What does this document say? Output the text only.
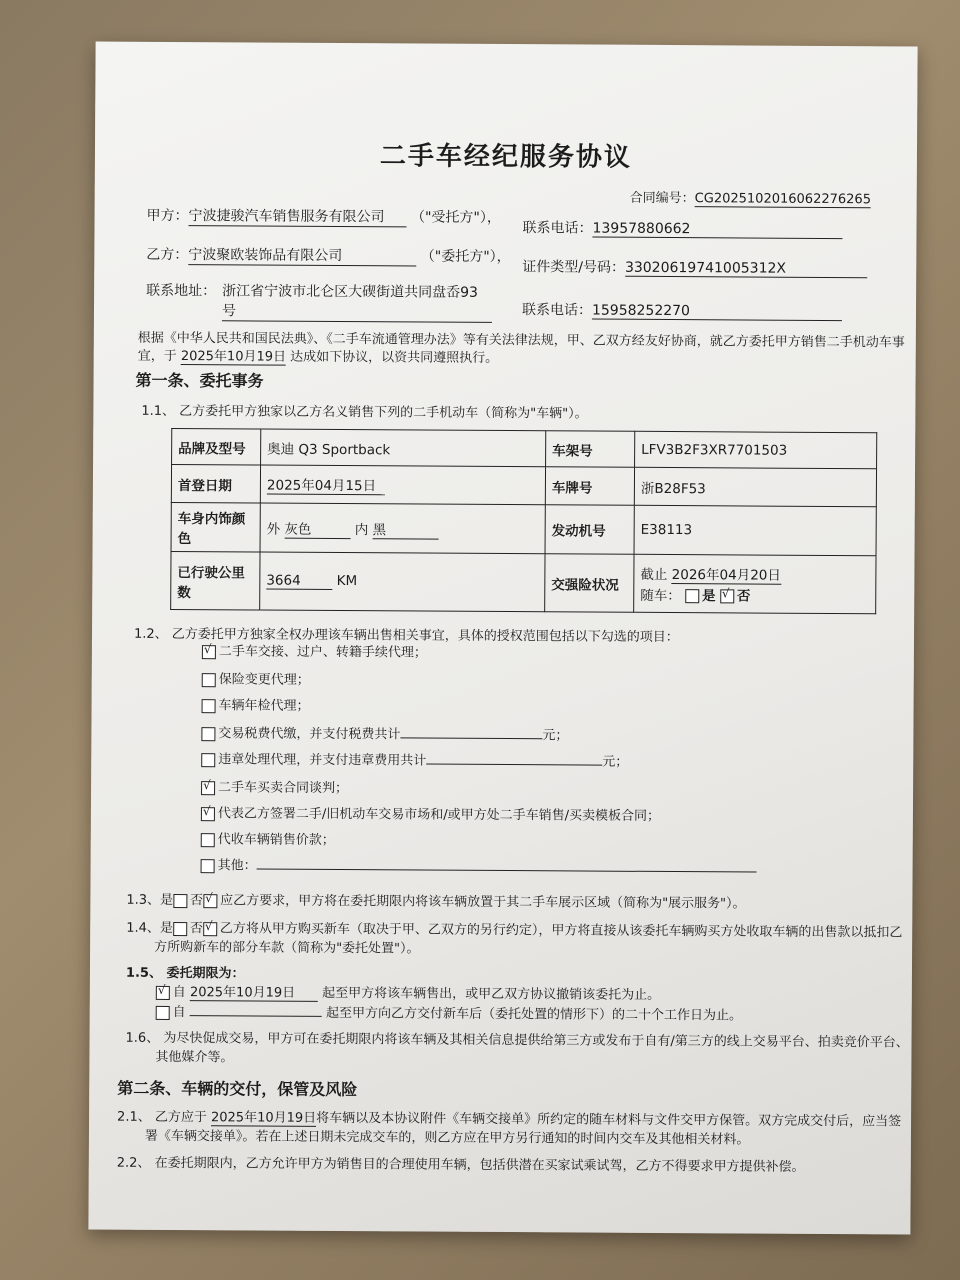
二手车经纪服务协议
合同编号：CG2025102016062276265
甲方：宁波捷骏汽车销售服务有限公司 （"受托方"），
联系电话：13957880662
乙方：宁波聚欧装饰品有限公司	（"委托方"），
证件类型/号码：33020619741005312X
联系地址： 浙江省宁波市北仑区大碶街道共同盘岙93
号	联系电话：15958252270
根据《中华人民共和国民法典》、《二手车流通管理办法》等有关法律法规，甲、乙双方经友好协商，就乙方委托甲方销售二手机动车事
宜，于 2025年10月19日 达成如下协议，以资共同遵照执行。
第一条、委托事务
1.1、 乙方委托甲方独家以乙方名义销售下列的二手机动车（简称为"车辆"）。
品牌及型号	奥迪 Q3 Sportback	车架号	LFV3B2F3XR7701503
首登日期	2025年04月15日	车牌号	浙B28F53
车身内饰颜
色	外 灰色 内 黑	发动机号	E38113
已行驶公里
数	3664 KM	交强险状况	截止 2026年04月20日
随车： 是 √ 否
1.2、 乙方委托甲方独家全权办理该车辆出售相关事宜，具体的授权范围包括以下勾选的项目：
√二手车交接、过户、转籍手续代理；
保险变更代理；
车辆年检代理；
交易税费代缴，并支付税费共计	元；
违章处理代理，并支付违章费用共计	元；
√二手车买卖合同谈判；
√代表乙方签署二手/旧机动车交易市场和/或甲方处二手车销售/买卖模板合同；
代收车辆销售价款；
其他：
1.3、是 否 √ 应乙方要求，甲方将在委托期限内将该车辆放置于其二手车展示区域（简称为"展示服务"）。
1.4、是 否 √ 乙方将从甲方购买新车（取决于甲、乙双方的另行约定），甲方将直接从该委托车辆购买方处收取车辆的出售款以抵扣乙
方所购新车的部分车款（简称为"委托处置"）。
1.5、 委托期限为：
√自 2025年10月19日 起至甲方将该车辆售出，或甲乙双方协议撤销该委托为止。
自	起至甲方向乙方交付新车后（委托处置的情形下）的二十个工作日为止。
1.6、 为尽快促成交易，甲方可在委托期限内将该车辆及其相关信息提供给第三方或发布于自有/第三方的线上交易平台、拍卖竞价平台、
其他媒介等。
第二条、车辆的交付，保管及风险
2.1、 乙方应于 2025年10月19日将车辆以及本协议附件《车辆交接单》所约定的随车材料与文件交甲方保管。双方完成交付后，应当签
署《车辆交接单》。若在上述日期未完成交车的，则乙方应在甲方另行通知的时间内交车及其他相关材料。
2.2、 在委托期限内，乙方允许甲方为销售目的合理使用车辆，包括供潜在买家试乘试驾，乙方不得要求甲方提供补偿。
